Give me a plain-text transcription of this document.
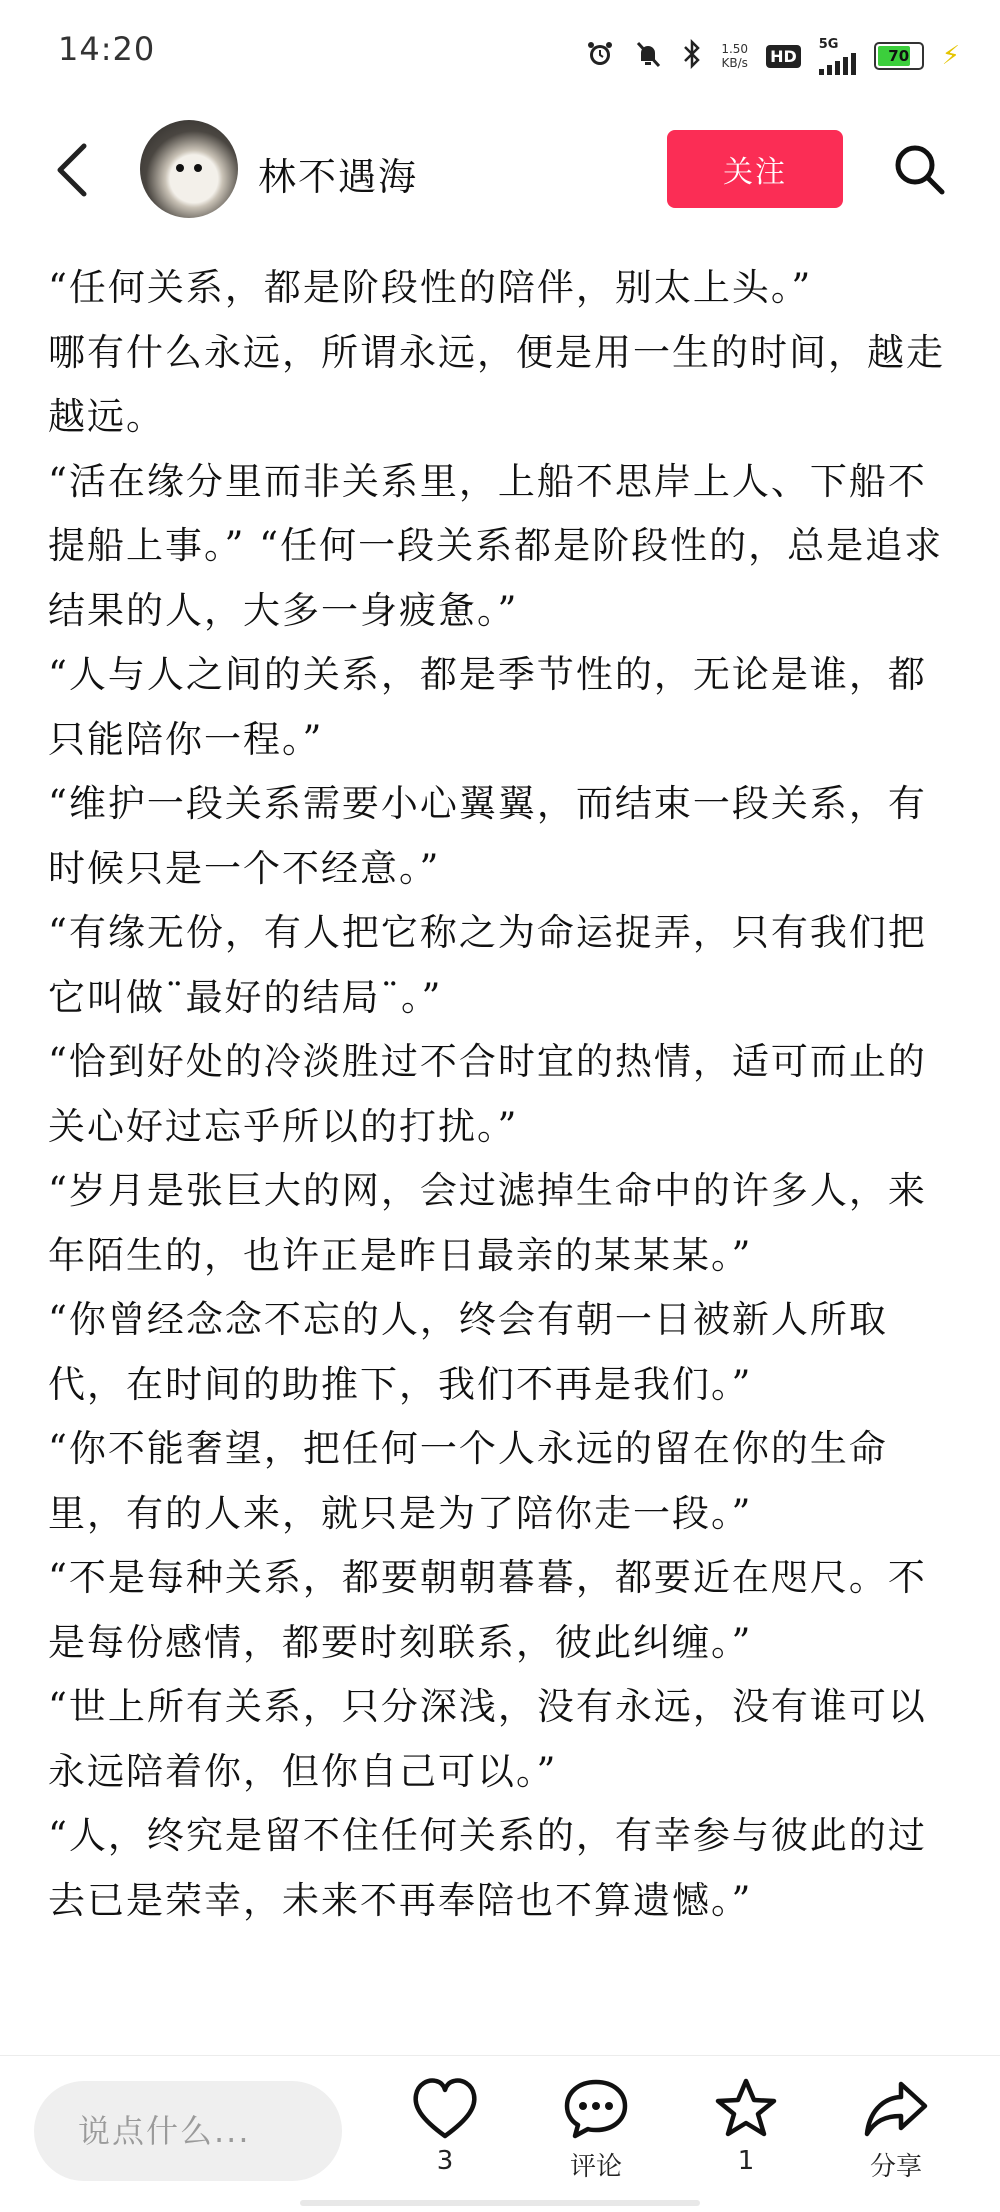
14:20	1.50
KB/s HD
5G
70	⚡
林不遇海	关注

“任何关系，都是阶段性的陪伴，别太上头。”

哪有什么永远，所谓永远，便是用一生的时间，越走越远。

“活在缘分里而非关系里，上船不思岸上人、下船不提船上事。” “任何一段关系都是阶段性的，总是追求结果的人，大多一身疲惫。”

“人与人之间的关系，都是季节性的，无论是谁，都只能陪你一程。”

“维护一段关系需要小心翼翼，而结束一段关系，有时候只是一个不经意。”

“有缘无份，有人把它称之为命运捉弄，只有我们把它叫做¨最好的结局¨。”

“恰到好处的冷淡胜过不合时宜的热情，适可而止的关心好过忘乎所以的打扰。”

“岁月是张巨大的网，会过滤掉生命中的许多人，来年陌生的，也许正是昨日最亲的某某某。”

“你曾经念念不忘的人，终会有朝一日被新人所取代，在时间的助推下，我们不再是我们。”

“你不能奢望，把任何一个人永远的留在你的生命里，有的人来，就只是为了陪你走一段。”

“不是每种关系，都要朝朝暮暮，都要近在咫尺。不是每份感情，都要时刻联系，彼此纠缠。”

“世上所有关系，只分深浅，没有永远，没有谁可以永远陪着你，但你自己可以。”

“人，终究是留不住任何关系的，有幸参与彼此的过去已是荣幸，未来不再奉陪也不算遗憾。”

说点什么...
3	评论	1	分享
